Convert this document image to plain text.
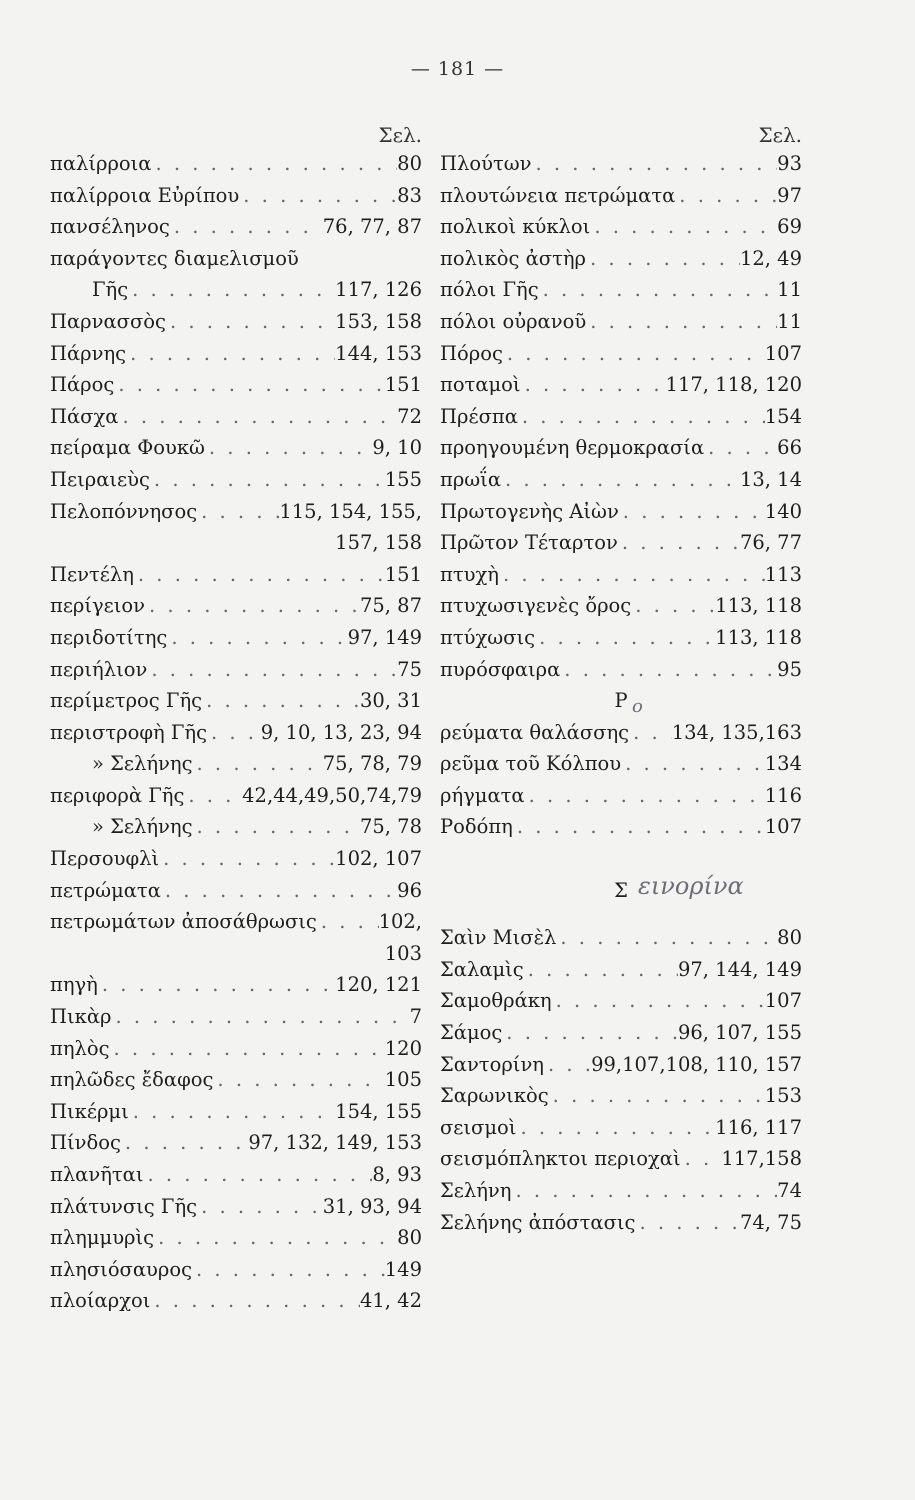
— 181 —
Σελ.
παλίρροια . . .	80
παλίρροια Εὐρίπου . . .	83
πανσέληνος . . .	76, 77, 87
παράγοντες διαμελισμοῦ
Γῆς . . .	117, 126
Παρνασσὸς . . .	153, 158
Πάρνης . . .	144, 153
Πάρος . . .	151
Πάσχα . . .	72
πείραμα Φουκῶ . . .	9, 10
Πειραιεὺς . . .	155
Πελοπόννησος . . .	115, 154, 155,
157, 158
Πεντέλη . . .	151
περίγειον . . .	75, 87
περιδοτίτης . . .	97, 149
περιήλιον . . .	75
περίμετρος Γῆς . . .	30, 31
περιστροφὴ Γῆς . . .	9, 10, 13, 23, 94
» Σελήνης . . .	75, 78, 79
περιφορὰ Γῆς . . .	42,44,49,50,74,79
» Σελήνης . . .	75, 78
Περσουφλὶ . . .	102, 107
πετρώματα . . .	96
πετρωμάτων ἀποσάθρωσις . . .	102,
103
πηγὴ . . .	120, 121
Πικὰρ . . .	7
πηλὸς . . .	120
πηλῶδες ἔδαφος . . .	105
Πικέρμι . . .	154, 155
Πίνδος . . .	97, 132, 149, 153
πλανῆται . . .	8, 93
πλάτυνσις Γῆς . . .	31, 93, 94
πλημμυρὶς . . .	80
πλησιόσαυρος . . .	149
πλοίαρχοι . . .	41, 42
Σελ.
Πλούτων . . .	93
πλουτώνεια πετρώματα . . .	97
πολικοὶ κύκλοι . . .	69
πολικὸς ἀστὴρ . . .	12, 49
πόλοι Γῆς . . .	11
πόλοι οὐρανοῦ . . .	11
Πόρος . . .	107
ποταμοὶ . . .	117, 118, 120
Πρέσπα . . .	154
προηγουμένη θερμοκρασία . . .	66
πρωΐα . . .	13, 14
Πρωτογενὴς Αἰὼν . . .	140
Πρῶτον Τέταρτον . . .	76, 77
πτυχὴ . . .	113
πτυχωσιγενὲς ὄρος . . .	113, 118
πτύχωσις . . .	113, 118
πυρόσφαιρα . . .	95
Ρ o
ρεύματα θαλάσσης . . . 134, 135,163
ρεῦμα τοῦ Κόλπου . . .	134
ρήγματα . . .	116
Ροδόπη . . .	107
Σ εινορίνα
Σαὶν Μισὲλ . . .	80
Σαλαμὶς . . .	97, 144, 149
Σαμοθράκη . . .	107
Σάμος . . .	96, 107, 155
Σαντορίνη . . . 99,107,108, 110, 157
Σαρωνικὸς . . .	153
σεισμοὶ . . .	116, 117
σεισμόπληκτοι περιοχαὶ . . . 117,158
Σελήνη . . .	74
Σελήνης ἀπόστασις . . .	74, 75
